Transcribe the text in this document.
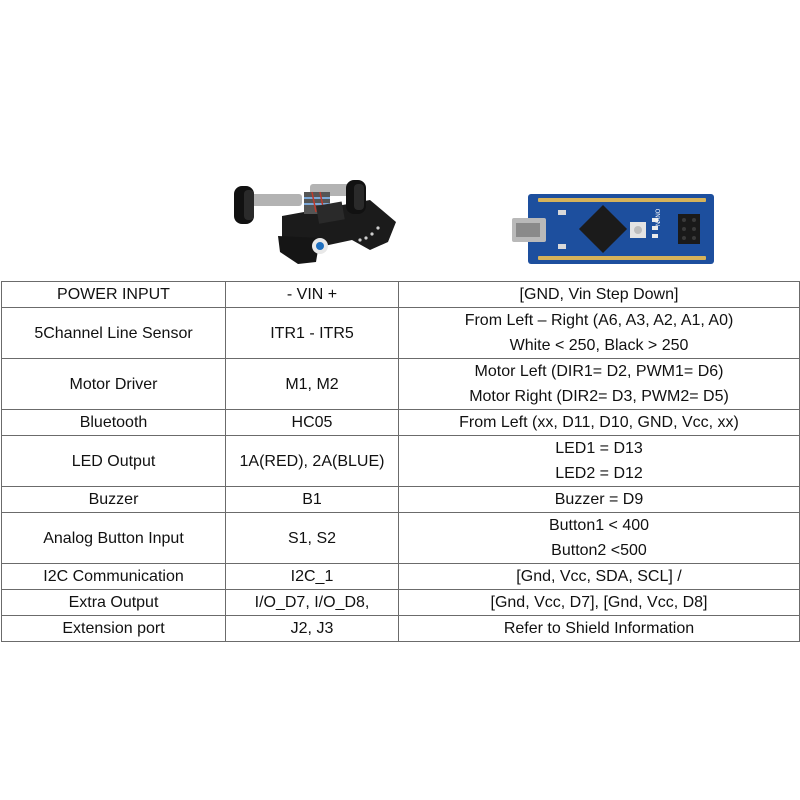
NANO
POWER INPUT	- VIN +	[GND, Vin Step Down]
5Channel Line Sensor	ITR1 - ITR5	From Left – Right (A6, A3, A2, A1, A0)
White < 250, Black > 250

Motor Driver	M1, M2	Motor Left (DIR1= D2, PWM1= D6)
Motor Right (DIR2= D3, PWM2= D5)

Bluetooth	HC05	From Left (xx, D11, D10, GND, Vcc, xx)
LED Output	1A(RED), 2A(BLUE)	LED1 = D13
LED2 = D12

Buzzer	B1	Buzzer = D9
Analog Button Input	S1, S2	Button1 < 400
Button2 <500

I2C Communication	I2C_1	[Gnd, Vcc, SDA, SCL] /
Extra Output	I/O_D7, I/O_D8,	[Gnd, Vcc, D7], [Gnd, Vcc, D8]
Extension port	J2, J3	Refer to Shield Information
